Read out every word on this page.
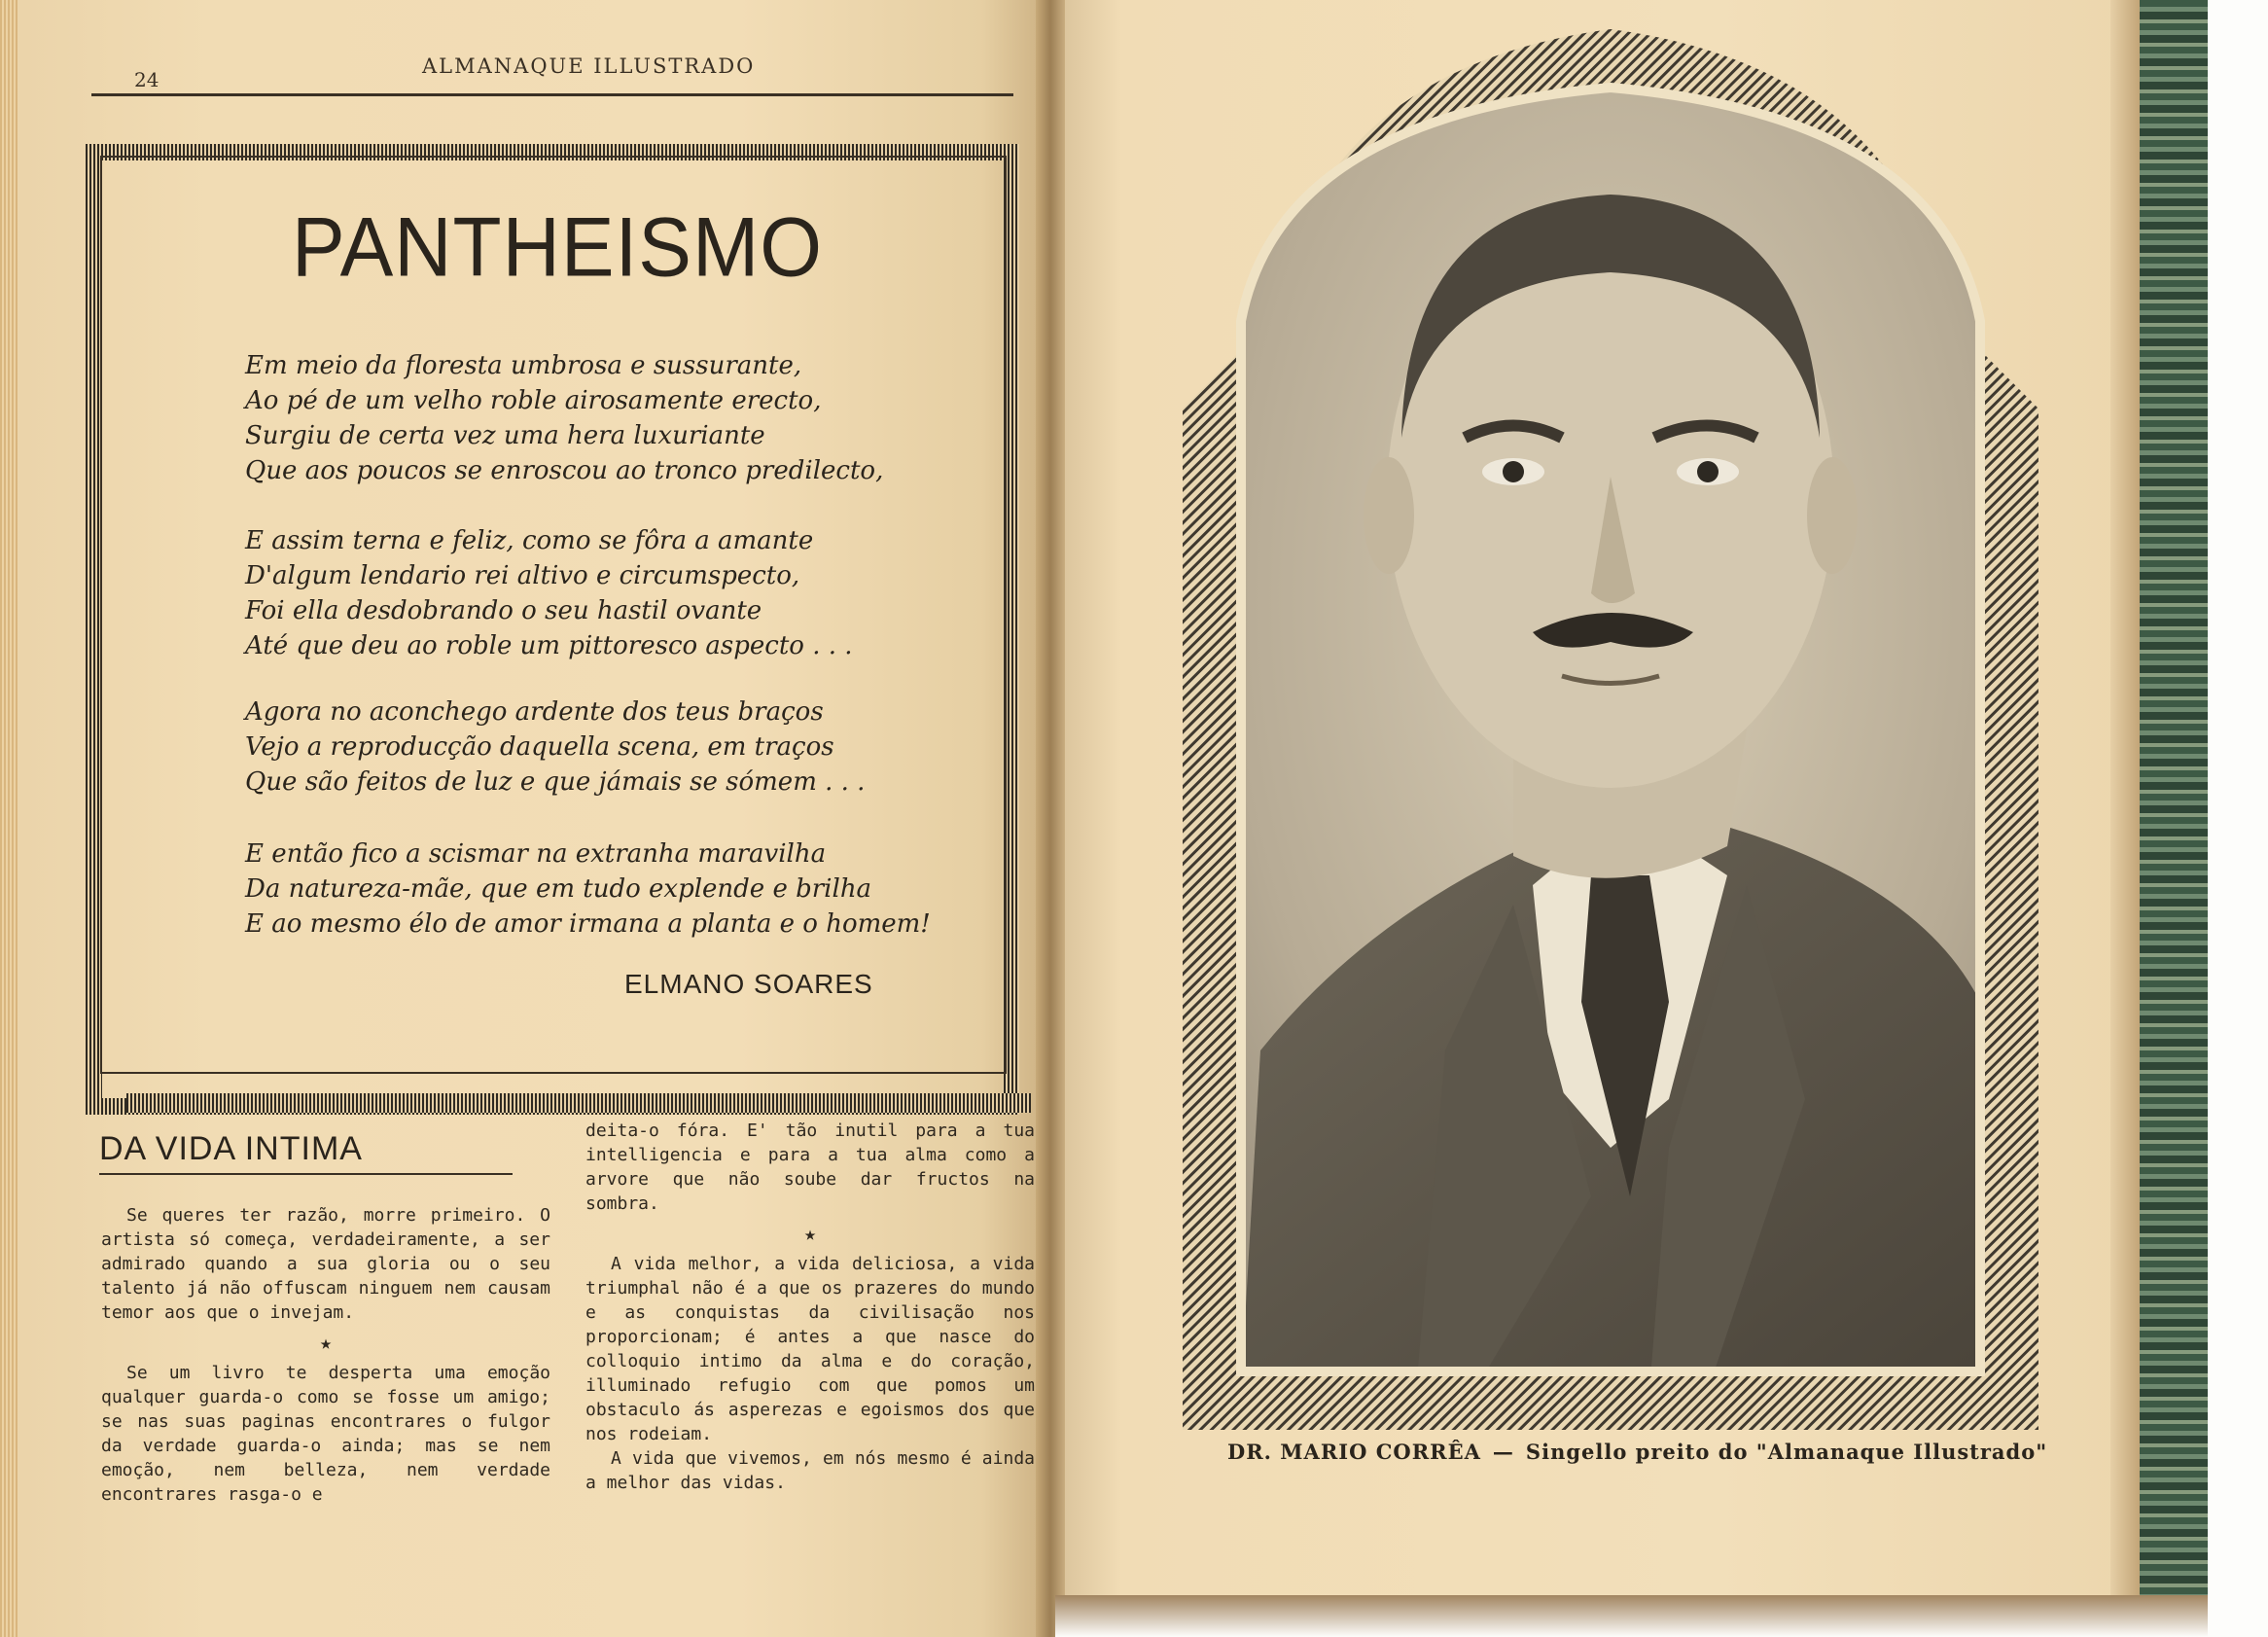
24
ALMANAQUE ILLUSTRADO
PANTHEISMO
Em meio da floresta umbrosa e sussurante,
Ao pé de um velho roble airosamente erecto,
Surgiu de certa vez uma hera luxuriante
Que aos poucos se enroscou ao tronco predilecto,
E assim terna e feliz, como se fôra a amante
D'algum lendario rei altivo e circumspecto,
Foi ella desdobrando o seu hastil ovante
Até que deu ao roble um pittoresco aspecto . . .
Agora no aconchego ardente dos teus braços
Vejo a reproducção daquella scena, em traços
Que são feitos de luz e que jámais se sómem . . .
E então fico a scismar na extranha maravilha
Da natureza-mãe, que em tudo explende e brilha
E ao mesmo élo de amor irmana a planta e o homem!
ELMANO SOARES
DA VIDA INTIMA

Se queres ter razão, morre primeiro. O artista só começa, verdadeiramente, a ser admirado quando a sua gloria ou o seu talento já não offuscam ninguem nem causam temor aos que o invejam.

★

Se um livro te desperta uma emoção qualquer guarda-o como se fosse um amigo; se nas suas paginas encontrares o fulgor da verdade guarda-o ainda; mas se nem emoção, nem belleza, nem verdade encontrares rasga-o e

deita-o fóra. E' tão inutil para a tua intelligencia e para a tua alma como a arvore que não soube dar fructos na sombra.

★

A vida melhor, a vida deliciosa, a vida triumphal não é a que os prazeres do mundo e as conquistas da civilisação nos proporcionam; é antes a que nasce do colloquio intimo da alma e do coração, illuminado refugio com que pomos um obstaculo ás asperezas e egoismos dos que nos rodeiam.

A vida que vivemos, em nós mesmo é ainda a melhor das vidas.

DR. MARIO CORRÊA — Singello preito do "Almanaque Illustrado"
